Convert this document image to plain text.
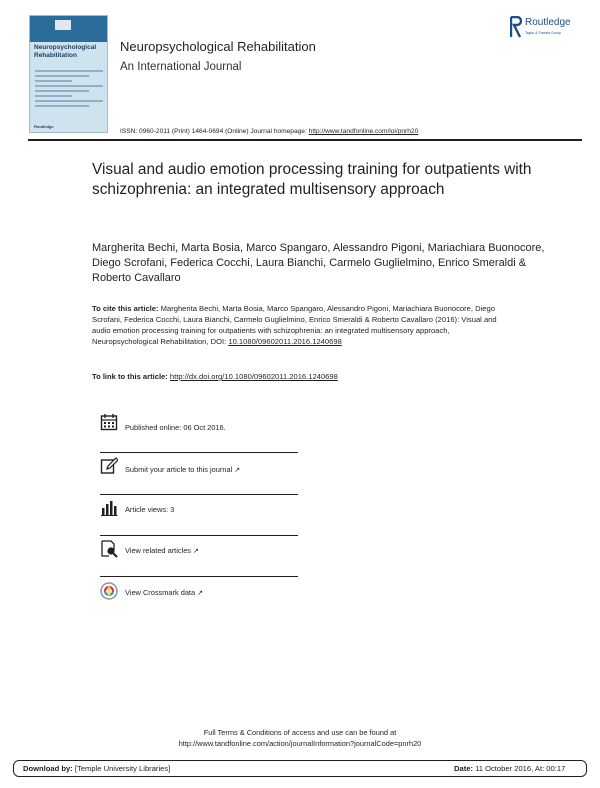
Neuropsychological Rehabilitation
Routledge
Neuropsychological Rehabilitation
An International Journal
Routledge
Taylor & Francis Group
ISSN: 0960-2011 (Print) 1464-0694 (Online) Journal homepage: http://www.tandfonline.com/loi/pnrh20
Visual and audio emotion processing training for outpatients with schizophrenia: an integrated multisensory approach
Margherita Bechi, Marta Bosia, Marco Spangaro, Alessandro Pigoni, Mariachiara Buonocore, Diego Scrofani, Federica Cocchi, Laura Bianchi, Carmelo Guglielmino, Enrico Smeraldi & Roberto Cavallaro
To cite this article: Margherita Bechi, Marta Bosia, Marco Spangaro, Alessandro Pigoni, Mariachiara Buonocore, Diego Scrofani, Federica Cocchi, Laura Bianchi, Carmelo Guglielmino, Enrico Smeraldi & Roberto Cavallaro (2016): Visual and audio emotion processing training for outpatients with schizophrenia: an integrated multisensory approach, Neuropsychological Rehabilitation, DOI: 10.1080/09602011.2016.1240698
To link to this article: http://dx.doi.org/10.1080/09602011.2016.1240698
Published online: 06 Oct 2016.
Submit your article to this journal ↗
Article views: 3
View related articles ↗
View Crossmark data ↗
Full Terms & Conditions of access and use can be found at
http://www.tandfonline.com/action/journalInformation?journalCode=pnrh20
Download by: [Temple University Libraries]	Date: 11 October 2016, At: 00:17
